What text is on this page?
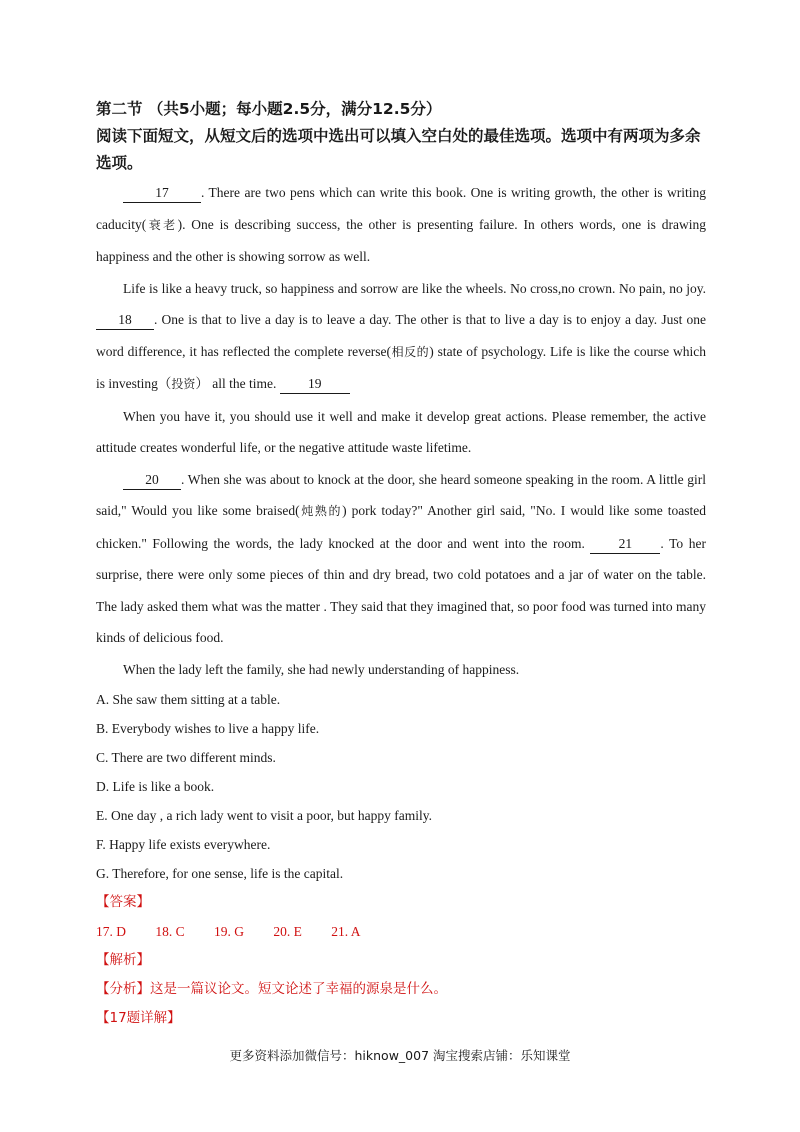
第二节 （共5小题；每小题2.5分，满分12.5分）

阅读下面短文，从短文后的选项中选出可以填入空白处的最佳选项。选项中有两项为多余选项。

17 . There are two pens which can write this book. One is writing growth, the other is writing caducity(衰老). One is describing success, the other is presenting failure. In others words, one is drawing happiness and the other is showing sorrow as well.

Life is like a heavy truck, so happiness and sorrow are like the wheels. No cross,no crown. No pain, no joy. 18 . One is that to live a day is to leave a day. The other is that to live a day is to enjoy a day. Just one word difference, it has reflected the complete reverse(相反的) state of psychology. Life is like the course which is investing（投资） all the time. 19

When you have it, you should use it well and make it develop great actions. Please remember, the active attitude creates wonderful life, or the negative attitude waste lifetime.

20 . When she was about to knock at the door, she heard someone speaking in the room. A little girl said," Would you like some braised(炖熟的) pork today?" Another girl said, "No. I would like some toasted chicken." Following the words, the lady knocked at the door and went into the room. 21 . To her surprise, there were only some pieces of thin and dry bread, two cold potatoes and a jar of water on the table. The lady asked them what was the matter . They said that they imagined that, so poor food was turned into many kinds of delicious food.

When the lady left the family, she had newly understanding of happiness.

A. She saw them sitting at a table.

B. Everybody wishes to live a happy life.

C. There are two different minds.

D. Life is like a book.

E. One day , a rich lady went to visit a poor, but happy family.

F. Happy life exists everywhere.

G. Therefore, for one sense, life is the capital.

【答案】

17. D 18. C 19. G 20. E 21. A

【解析】

【分析】这是一篇议论文。短文论述了幸福的源泉是什么。

【17题详解】

更多资料添加微信号：hiknow_007 淘宝搜索店铺：乐知课堂
